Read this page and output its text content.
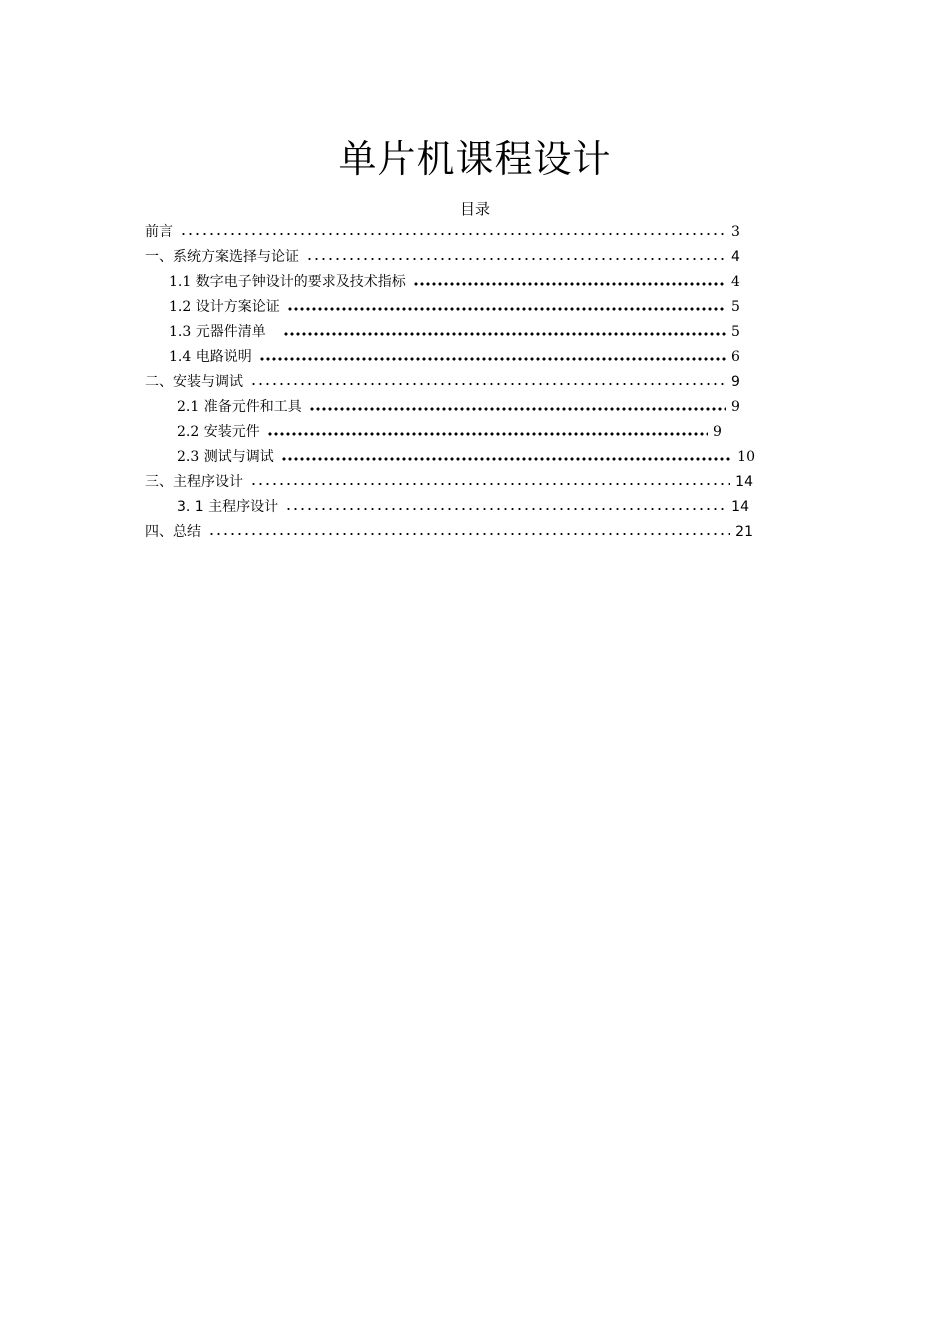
单片机课程设计
目录
前言	3
一、系统方案选择与论证	4
1.1 数字电子钟设计的要求及技术指标	4
1.2 设计方案论证	5
1.3 元器件清单	5
1.4 电路说明	6
二、安装与调试	9
2.1 准备元件和工具	9
2.2 安装元件	9
2.3 测试与调试	10
三、主程序设计	14
3. 1 主程序设计	14
四、总结	21
